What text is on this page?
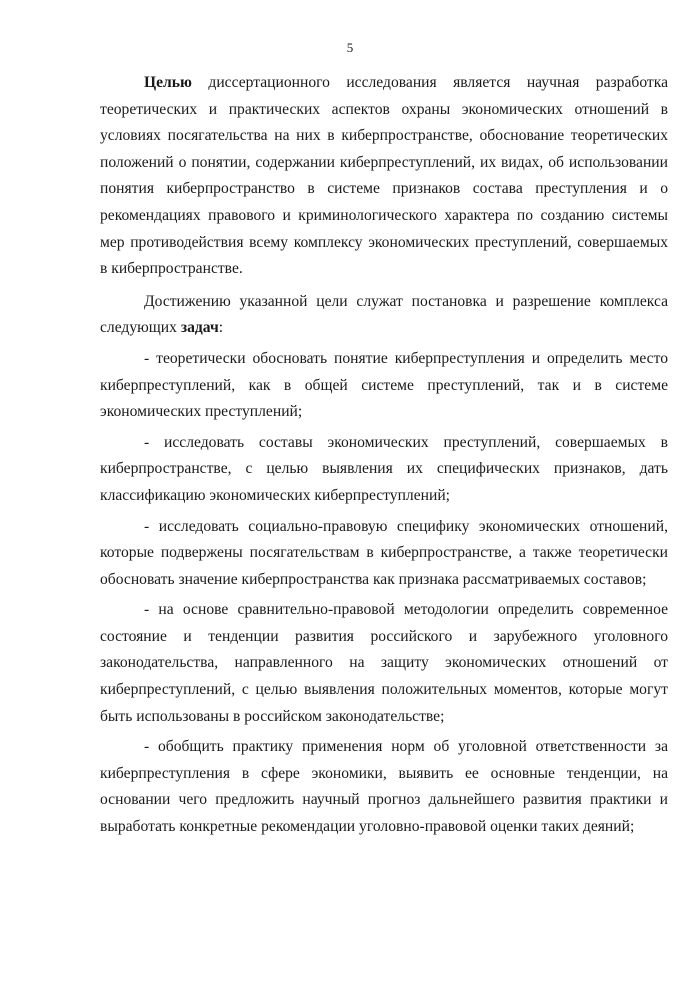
5

Целью диссертационного исследования является научная разработка теоретических и практических аспектов охраны экономических отношений в условиях посягательства на них в киберпространстве, обоснование теоретических положений о понятии, содержании киберпреступлений, их видах, об использовании понятия киберпространство в системе признаков состава преступления и о рекомендациях правового и криминологического характера по созданию системы мер противодействия всему комплексу экономических преступлений, совершаемых в киберпространстве.

Достижению указанной цели служат постановка и разрешение комплекса следующих задач:

- теоретически обосновать понятие киберпреступления и определить место киберпреступлений, как в общей системе преступлений, так и в системе экономических преступлений;

- исследовать составы экономических преступлений, совершаемых в киберпространстве, с целью выявления их специфических признаков, дать классификацию экономических киберпреступлений;

- исследовать социально-правовую специфику экономических отношений, которые подвержены посягательствам в киберпространстве, а также теоретически обосновать значение киберпространства как признака рассматриваемых составов;

- на основе сравнительно-правовой методологии определить современное состояние и тенденции развития российского и зарубежного уголовного законодательства, направленного на защиту экономических отношений от киберпреступлений, с целью выявления положительных моментов, которые могут быть использованы в российском законодательстве;

- обобщить практику применения норм об уголовной ответственности за киберпреступления в сфере экономики, выявить ее основные тенденции, на основании чего предложить научный прогноз дальнейшего развития практики и выработать конкретные рекомендации уголовно-правовой оценки таких деяний;
